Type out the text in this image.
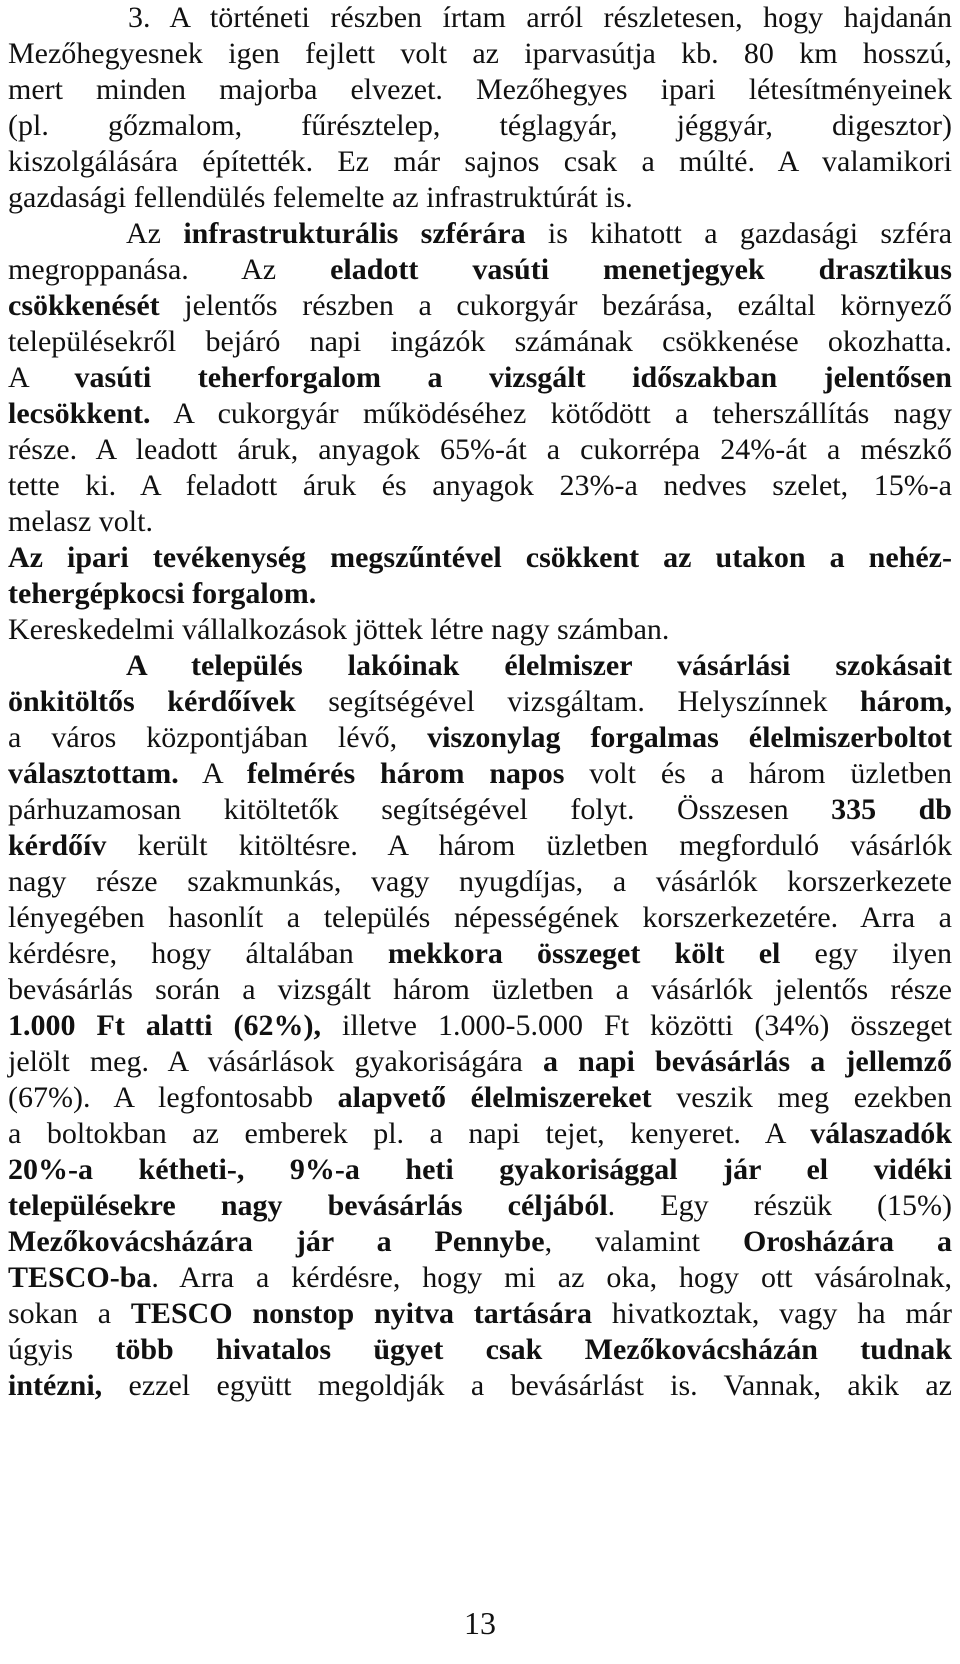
3. A történeti részben írtam arról részletesen, hogy hajdanán
Mezőhegyesnek igen fejlett volt az iparvasútja kb. 80 km hosszú,
mert minden majorba elvezet. Mezőhegyes ipari létesítményeinek
(pl. gőzmalom, fűrésztelep, téglagyár, jéggyár, digesztor)
kiszolgálására építették. Ez már sajnos csak a múlté. A valamikori
gazdasági fellendülés felemelte az infrastruktúrát is.
Az infrastrukturális szférára is kihatott a gazdasági szféra
megroppanása. Az eladott vasúti menetjegyek drasztikus
csökkenését jelentős részben a cukorgyár bezárása, ezáltal környező
településekről bejáró napi ingázók számának csökkenése okozhatta.
A vasúti teherforgalom a vizsgált időszakban jelentősen
lecsökkent. A cukorgyár működéséhez kötődött a teherszállítás nagy
része. A leadott áruk, anyagok 65%-át a cukorrépa 24%-át a mészkő
tette ki. A feladott áruk és anyagok 23%-a nedves szelet, 15%-a
melasz volt.
Az ipari tevékenység megszűntével csökkent az utakon a nehéz-
tehergépkocsi forgalom.
Kereskedelmi vállalkozások jöttek létre nagy számban.
A település lakóinak élelmiszer vásárlási szokásait
önkitöltős kérdőívek segítségével vizsgáltam. Helyszínnek három,
a város központjában lévő, viszonylag forgalmas élelmiszerboltot
választottam. A felmérés három napos volt és a három üzletben
párhuzamosan kitöltetők segítségével folyt. Összesen 335 db
kérdőív került kitöltésre. A három üzletben megforduló vásárlók
nagy része szakmunkás, vagy nyugdíjas, a vásárlók korszerkezete
lényegében hasonlít a település népességének korszerkezetére. Arra a
kérdésre, hogy általában mekkora összeget költ el egy ilyen
bevásárlás során a vizsgált három üzletben a vásárlók jelentős része
1.000 Ft alatti (62%), illetve 1.000-5.000 Ft közötti (34%) összeget
jelölt meg. A vásárlások gyakoriságára a napi bevásárlás a jellemző
(67%). A legfontosabb alapvető élelmiszereket veszik meg ezekben
a boltokban az emberek pl. a napi tejet, kenyeret. A válaszadók
20%-a kétheti-, 9%-a heti gyakorisággal jár el vidéki
településekre nagy bevásárlás céljából. Egy részük (15%)
Mezőkovácsházára jár a Pennybe, valamint Orosházára a
TESCO-ba. Arra a kérdésre, hogy mi az oka, hogy ott vásárolnak,
sokan a TESCO nonstop nyitva tartására hivatkoztak, vagy ha már
úgyis több hivatalos ügyet csak Mezőkovácsházán tudnak
intézni, ezzel együtt megoldják a bevásárlást is. Vannak, akik az
13
